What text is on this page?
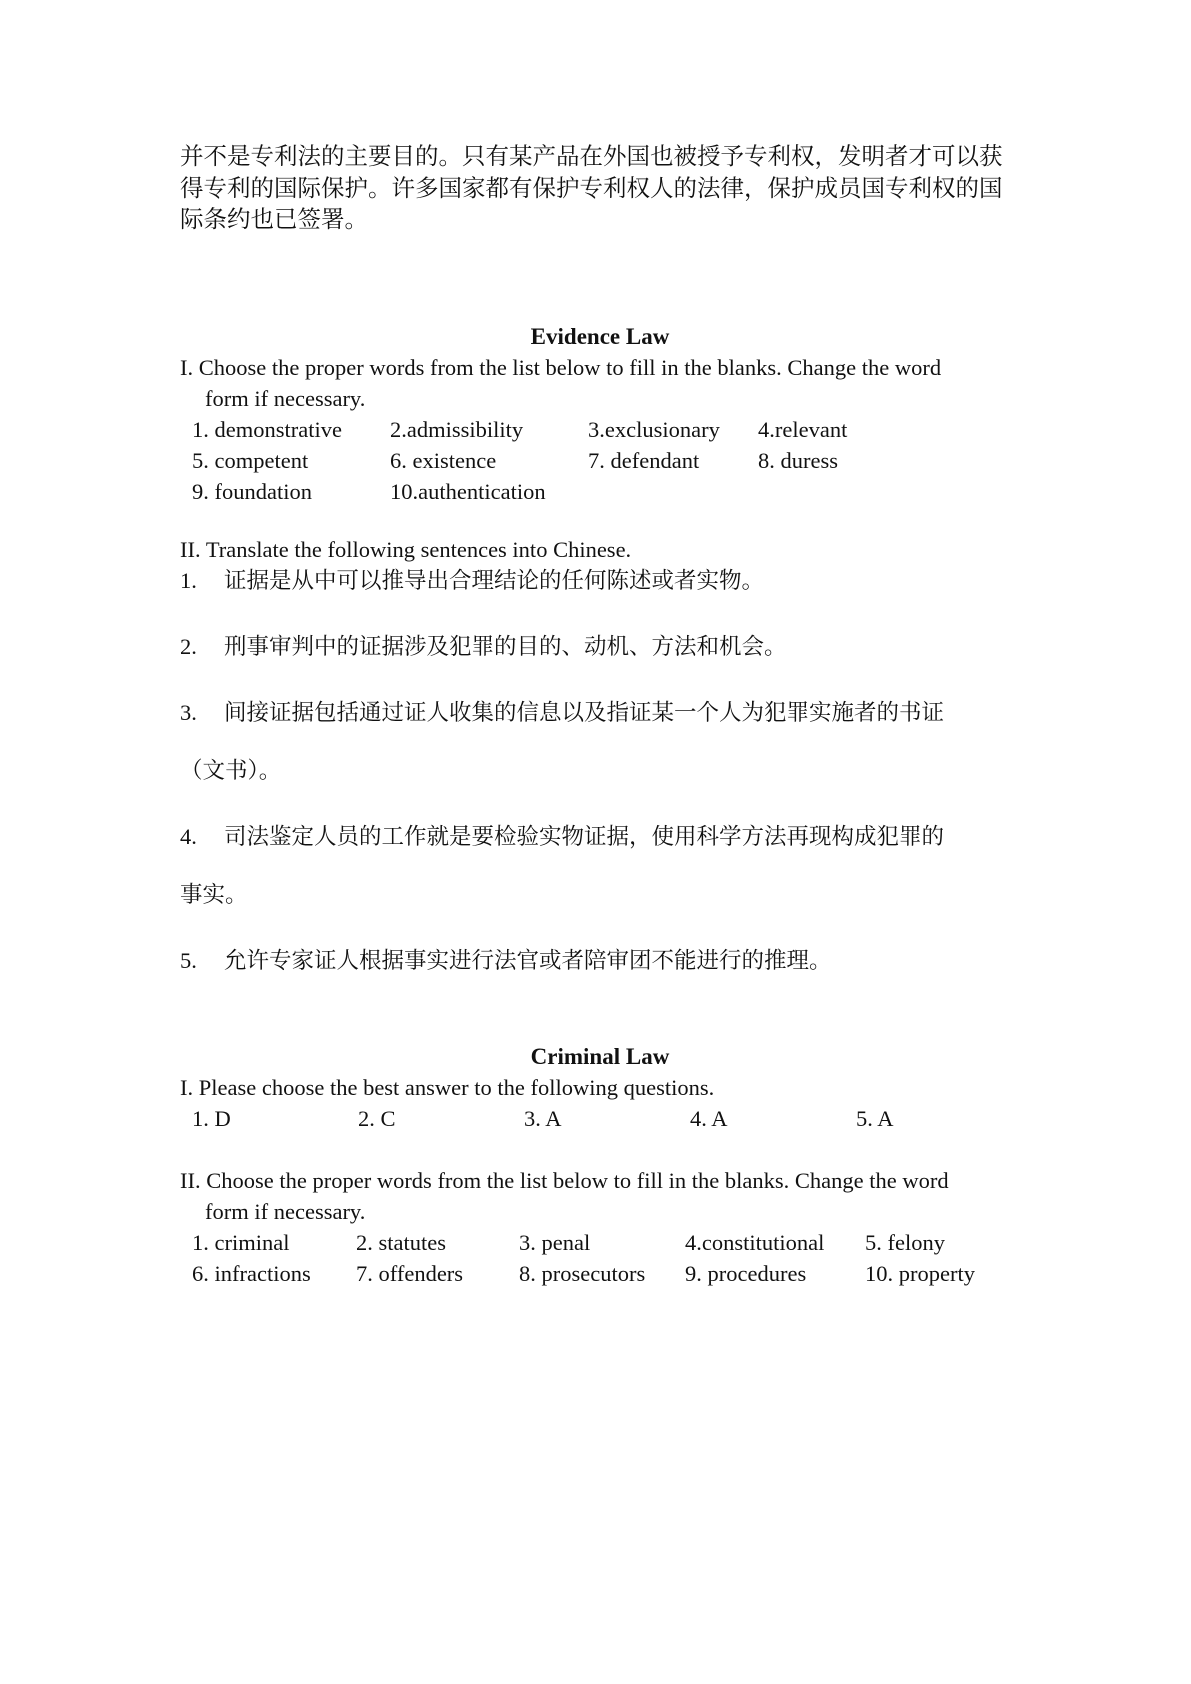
并不是专利法的主要目的。只有某产品在外国也被授予专利权，发明者才可以获

得专利的国际保护。许多国家都有保护专利权人的法律，保护成员国专利权的国

际条约也已签署。

Evidence Law

I. Choose the proper words from the list below to fill in the blanks. Change the word
form if necessary.

1. demonstrative	2.admissibility	3.exclusionary	4.relevant
5. competent	6. existence	7. defendant	8. duress
9. foundation	10.authentication

II. Translate the following sentences into Chinese.

1. 证据是从中可以推导出合理结论的任何陈述或者实物。
2. 刑事审判中的证据涉及犯罪的目的、动机、方法和机会。
3. 间接证据包括通过证人收集的信息以及指证某一个人为犯罪实施者的书证
（文书）。
4. 司法鉴定人员的工作就是要检验实物证据，使用科学方法再现构成犯罪的
事实。
5. 允许专家证人根据事实进行法官或者陪审团不能进行的推理。
Criminal Law

I. Please choose the best answer to the following questions.

1. D	2. C	3. A	4. A	5. A

II. Choose the proper words from the list below to fill in the blanks. Change the word
form if necessary.

1. criminal	2. statutes	3. penal	4.constitutional	5. felony
6. infractions	7. offenders	8. prosecutors	9. procedures	10. property
